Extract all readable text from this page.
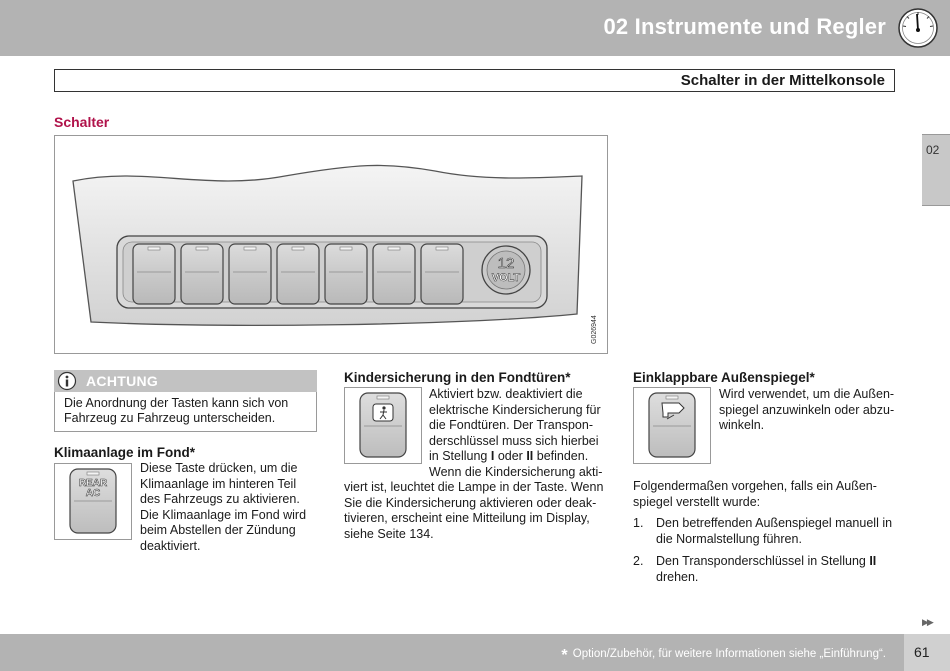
02 Instrumente und Regler
Schalter in der Mittelkonsole
Schalter
02
12
VOLT
G026944
ACHTUNG
Die Anordnung der Tasten kann sich von
Fahrzeug zu Fahrzeug unterscheiden.
Klimaanlage im Fond*
REAR
AC
Diese Taste drücken, um die
Klimaanlage im hinteren Teil
des Fahrzeugs zu aktivieren.
Die Klimaanlage im Fond wird
beim Abstellen der Zündung
deaktiviert.
Kindersicherung in den Fondtüren*
Aktiviert bzw. deaktiviert die
elektrische Kindersicherung für
die Fondtüren. Der Transpon-
derschlüssel muss sich hierbei
in Stellung I oder II befinden.
Wenn die Kindersicherung akti-
viert ist, leuchtet die Lampe in der Taste. Wenn
Sie die Kindersicherung aktivieren oder deak-
tivieren, erscheint eine Mitteilung im Display,
siehe Seite 134.
Einklappbare Außenspiegel*
Wird verwendet, um die Außen-
spiegel anzuwinkeln oder abzu-
winkeln.
Folgendermaßen vorgehen, falls ein Außen-
spiegel verstellt wurde:
1. Den betreffenden Außenspiegel manuell in
die Normalstellung führen.
2. Den Transponderschlüssel in Stellung II
drehen.
▶▶
* Option/Zubehör, für weitere Informationen siehe „Einführung“. 61
